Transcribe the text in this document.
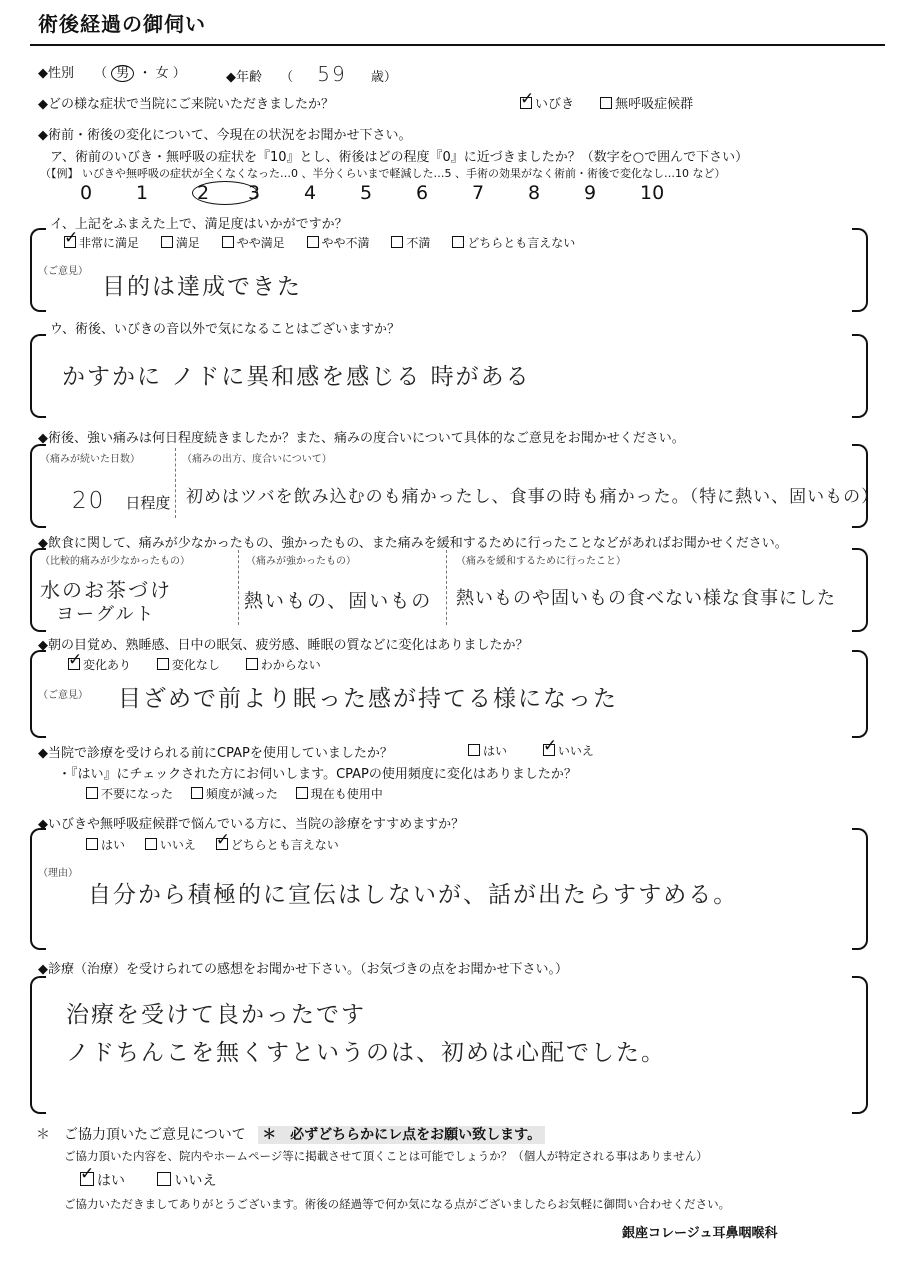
術後経過の御伺い
◆性別 （ 男 ・ 女 ）	◆年齢 （ 59 歳）
◆どの様な症状で当院にご来院いただきましたか？ ✓	いびき	無呼吸症候群
◆術前・術後の変化について、今現在の状況をお聞かせ下さい。
ア、術前のいびき・無呼吸の症状を『10』とし、術後はどの程度『0』に近づきましたか？（数字を○で囲んで下さい）
（【例】 いびきや無呼吸の症状が全くなくなった…0 、半分くらいまで軽減した…5 、手術の効果がなく術前・術後で変化なし…10 など）
0 1	2 3 4 5 6 7 8 9 10
イ、上記をふまえた上で、満足度はいかがですか？
✓非常に満足	満足	やや満足	やや不満	不満	どちらとも言えない
（ご意見）
目的は達成できた
ウ、術後、いびきの音以外で気になることはございますか？
かすかに ノドに異和感を感じる 時がある
◆術後、強い痛みは何日程度続きましたか？また、痛みの度合いについて具体的なご意見をお聞かせください。
（痛みが続いた日数）
20 日程度
（痛みの出方、度合いについて）
初めはツバを飲み込むのも痛かったし、食事の時も痛かった。（特に熱い、固いもの）
◆飲食に関して、痛みが少なかったもの、強かったもの、また痛みを緩和するために行ったことなどがあればお聞かせください。
（比較的痛みが少なかったもの）
水のお茶づけ
ヨーグルト
（痛みが強かったもの）
熱いもの、固いもの
（痛みを緩和するために行ったこと）
熱いものや固いもの食べない様な食事にした
◆朝の目覚め、熟睡感、日中の眠気、疲労感、睡眠の質などに変化はありましたか？
✓変化あり	変化なし	わからない
（ご意見） 目ざめで前より眠った感が持てる様になった
◆当院で診療を受けられる前にCPAPを使用していましたか？	はい ✓	いいえ
・『はい』にチェックされた方にお伺いします。CPAPの使用頻度に変化はありましたか？
不要になった	頻度が減った	現在も使用中
◆いびきや無呼吸症候群で悩んでいる方に、当院の診療をすすめますか？
はい	いいえ ✓	どちらとも言えない
（理由）
自分から積極的に宣伝はしないが、話が出たらすすめる。
◆診療（治療）を受けられての感想をお聞かせ下さい。（お気づきの点をお聞かせ下さい。）
治療を受けて良かったです
ノドちんこを無くすというのは、初めは心配でした。
＊　ご協力頂いたご意見について ＊　必ずどちらかにレ点をお願い致します。
ご協力頂いた内容を、院内やホームページ等に掲載させて頂くことは可能でしょうか？（個人が特定される事はありません）
✓はい	いいえ
ご協力いただきましてありがとうございます。術後の経過等で何か気になる点がございましたらお気軽に御問い合わせください。
銀座コレージュ耳鼻咽喉科
